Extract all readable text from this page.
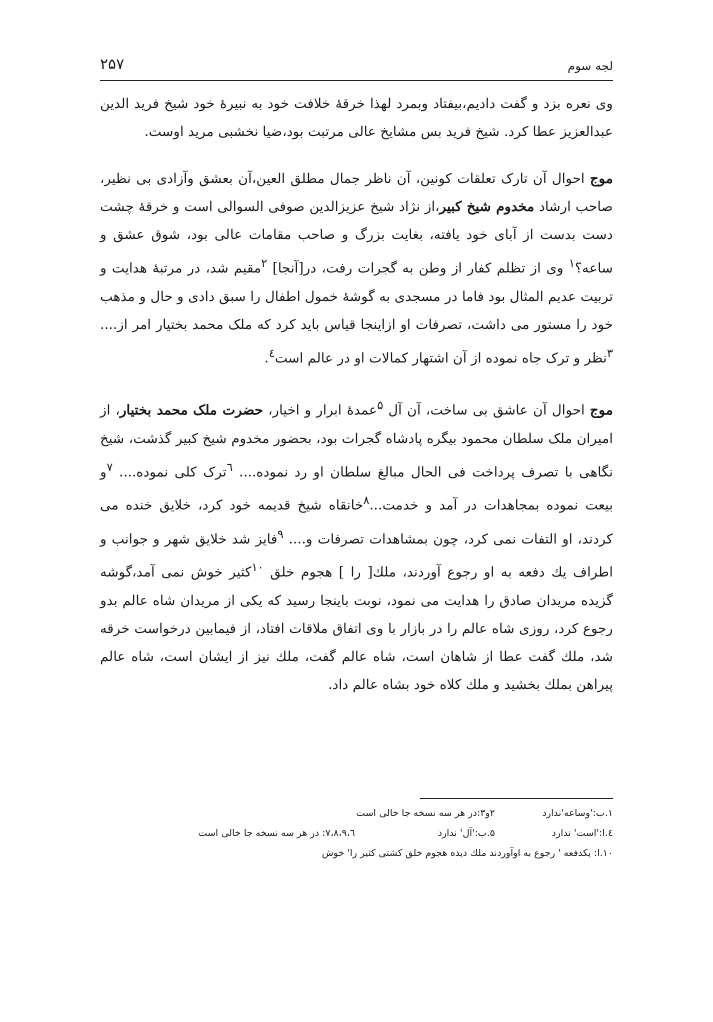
لجه سوم
۲۵۷

وی نعره بزد و گفت دادیم،بیفتاد وبمرد لهذا خرقهٔ خلافت خود به نبیرهٔ خود شیخ فرید الدین عبدالعزیز عطا کرد. شیخ فرید بس مشایخ عالی مرتبت بود،ضیا نخشبی مرید اوست.

موج احوال آن تارک تعلقات کونین، آن ناظر جمال مطلق العین،آن بعشق وآزادی بی نظیر، صاحب ارشاد مخدوم شیخ کبیر،از نژاد شیخ عزیزالدین صوفی السوالی است و خرقهٔ چشت دست بدست از آبای خود یافته، بغایت بزرگ و صاحب مقامات عالی بود، شوق عشق و ساعه؟$^۱$ وی از تظلم کفار از وطن به گجرات رفت، در[آنجا] $^۲$مقیم شد، در مرتبهٔ هدایت و تربیت عدیم المثال بود فاما در مسجدی به گوشهٔ خمول اطفال را سبق دادی و حال و مذهب خود را مستور می داشت، تصرفات او ازاینجا قیاس باید کرد که ملک محمد بختیار امر از.... $^۳$نظر و ترک جاه نموده از آن اشتهار کمالات او در عالم است$^٤$.

موج احوال آن عاشق بی ساخت، آن آل $^۵$عمدهٔ ابرار و اخیار، حضرت ملک محمد بختیار، از امیران ملک سلطان محمود بیگره پادشاه گجرات بود، بحضور مخدوم شیخ کبیر گذشت، شیخ نگاهی با تصرف پرداخت فی الحال مبالغ سلطان او رد نموده.... $^٦$ترک کلی نموده.... $^۷$و بیعت نموده بمجاهدات در آمد و خدمت...$^۸$خانقاه شیخ قدیمه خود کرد، خلایق خنده می کردند، او التفات نمی کرد، چون بمشاهدات تصرفات و.... $^۹$فایز شد خلایق شهر و جوانب و اطراف یك دفعه به او رجوع آوردند، ملك[ را ] هجوم خلق $^{۱۰}$کثیر خوش نمی آمد،گوشه گزیده مریدان صادق را هدایت می نمود، نوبت باینجا رسید که یکی از مریدان شاه عالم بدو رجوع کرد، روزی شاه عالم را در بازار با وی اتفاق ملاقات افتاد، از فیمابین درخواست خرقه شد، ملك گفت عطا از شاهان است، شاه عالم گفت، ملك نیز از ایشان است، شاه عالم پیراهن بملك بخشید و ملك کلاه خود بشاه عالم داد.

۱.ب:'وساعه'ندارد
۲و۳:در هر سه نسخه جا خالی است
٤.ا:'است' ندارد
۵.ب:'آل' ندارد
٦،۷،۸،۹: در هر سه نسخه جا خالی است
۱۰.ا: یکدفعه ' رجوع به اوآوردند ملك دیده هجوم خلق کشتی کثیر را' خوش
